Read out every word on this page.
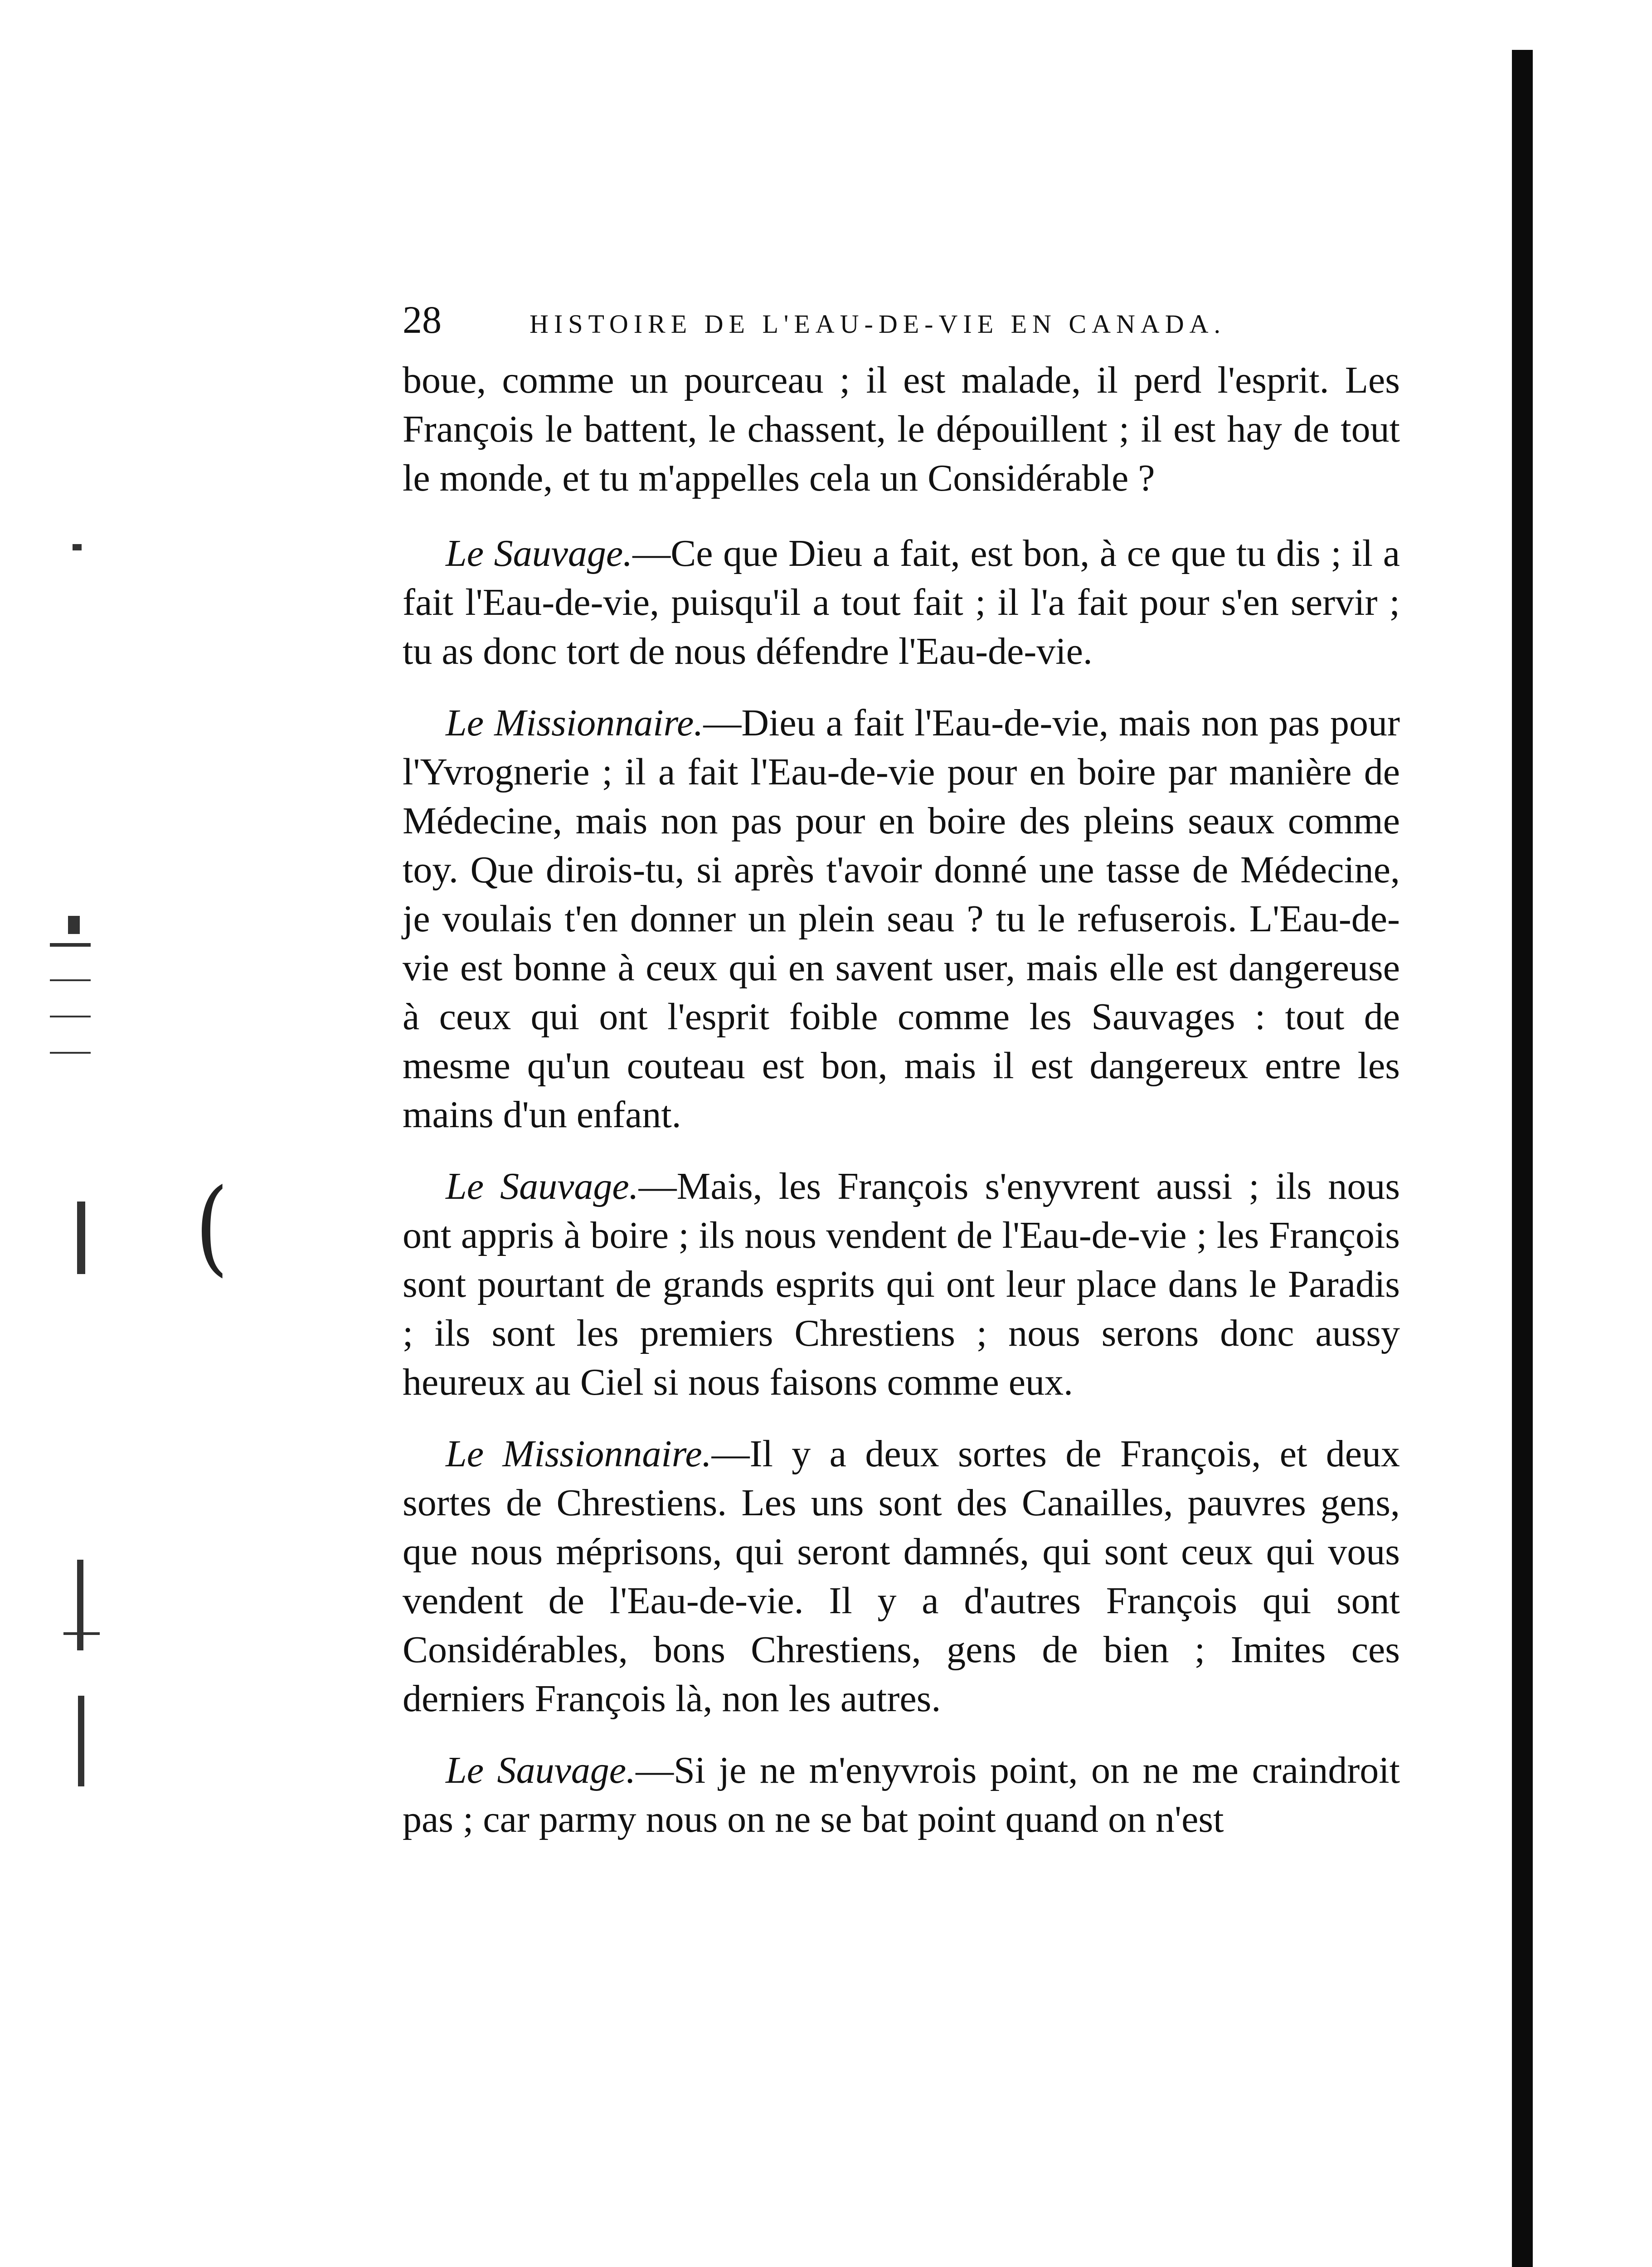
(
28	HISTOIRE DE L'EAU-DE-VIE EN CANADA.

boue, comme un pourceau ; il est malade, il perd l'esprit. Les François le battent, le chassent, le dépouillent ; il est hay de tout le monde, et tu m'appelles cela un Considérable ?

Le Sauvage.—Ce que Dieu a fait, est bon, à ce que tu dis ; il a fait l'Eau-de-vie, puisqu'il a tout fait ; il l'a fait pour s'en servir ; tu as donc tort de nous défendre l'Eau-de-vie.

Le Missionnaire.—Dieu a fait l'Eau-de-vie, mais non pas pour l'Yvrognerie ; il a fait l'Eau-de-vie pour en boire par manière de Médecine, mais non pas pour en boire des pleins seaux comme toy. Que dirois-tu, si après t'avoir donné une tasse de Médecine, je voulais t'en donner un plein seau ? tu le refuserois. L'Eau-de-vie est bonne à ceux qui en savent user, mais elle est dangereuse à ceux qui ont l'esprit foible comme les Sauvages : tout de mesme qu'un couteau est bon, mais il est dangereux entre les mains d'un enfant.

Le Sauvage.—Mais, les François s'enyvrent aussi ; ils nous ont appris à boire ; ils nous vendent de l'Eau-de-vie ; les François sont pourtant de grands esprits qui ont leur place dans le Paradis ; ils sont les premiers Chrestiens ; nous serons donc aussy heureux au Ciel si nous faisons comme eux.

Le Missionnaire.—Il y a deux sortes de François, et deux sortes de Chrestiens. Les uns sont des Canailles, pauvres gens, que nous méprisons, qui seront damnés, qui sont ceux qui vous vendent de l'Eau-de-vie. Il y a d'autres François qui sont Considérables, bons Chrestiens, gens de bien ; Imites ces derniers François là, non les autres.

Le Sauvage.—Si je ne m'enyvrois point, on ne me craindroit pas ; car parmy nous on ne se bat point quand on n'est
